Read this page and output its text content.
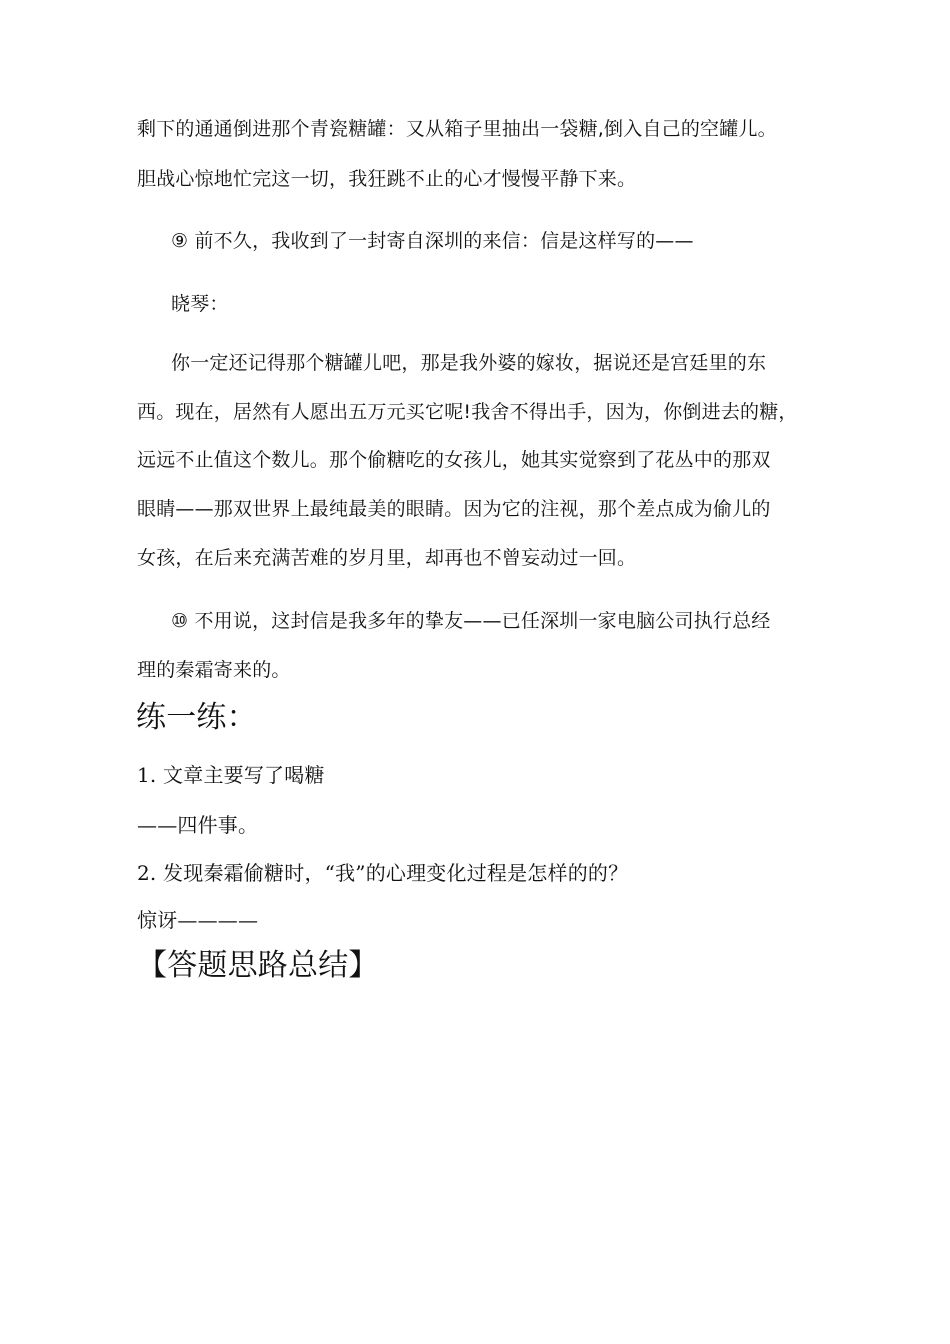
剩下的通通倒进那个青瓷糖罐：又从箱子里抽出一袋糖,倒入自己的空罐儿。
胆战心惊地忙完这一切，我狂跳不止的心才慢慢平静下来。
⑨ 前不久，我收到了一封寄自深圳的来信：信是这样写的——
晓琴：
你一定还记得那个糖罐儿吧，那是我外婆的嫁妆，据说还是宫廷里的东
西。现在，居然有人愿出五万元买它呢!我舍不得出手，因为，你倒进去的糖，
远远不止值这个数儿。那个偷糖吃的女孩儿，她其实觉察到了花丛中的那双
眼睛——那双世界上最纯最美的眼睛。因为它的注视，那个差点成为偷儿的
女孩，在后来充满苦难的岁月里，却再也不曾妄动过一回。
⑩ 不用说，这封信是我多年的挚友——已任深圳一家电脑公司执行总经
理的秦霜寄来的。
练一练：
1. 文章主要写了喝糖
——四件事。
2. 发现秦霜偷糖时，“我”的心理变化过程是怎样的的？
惊讶————
【答题思路总结】
